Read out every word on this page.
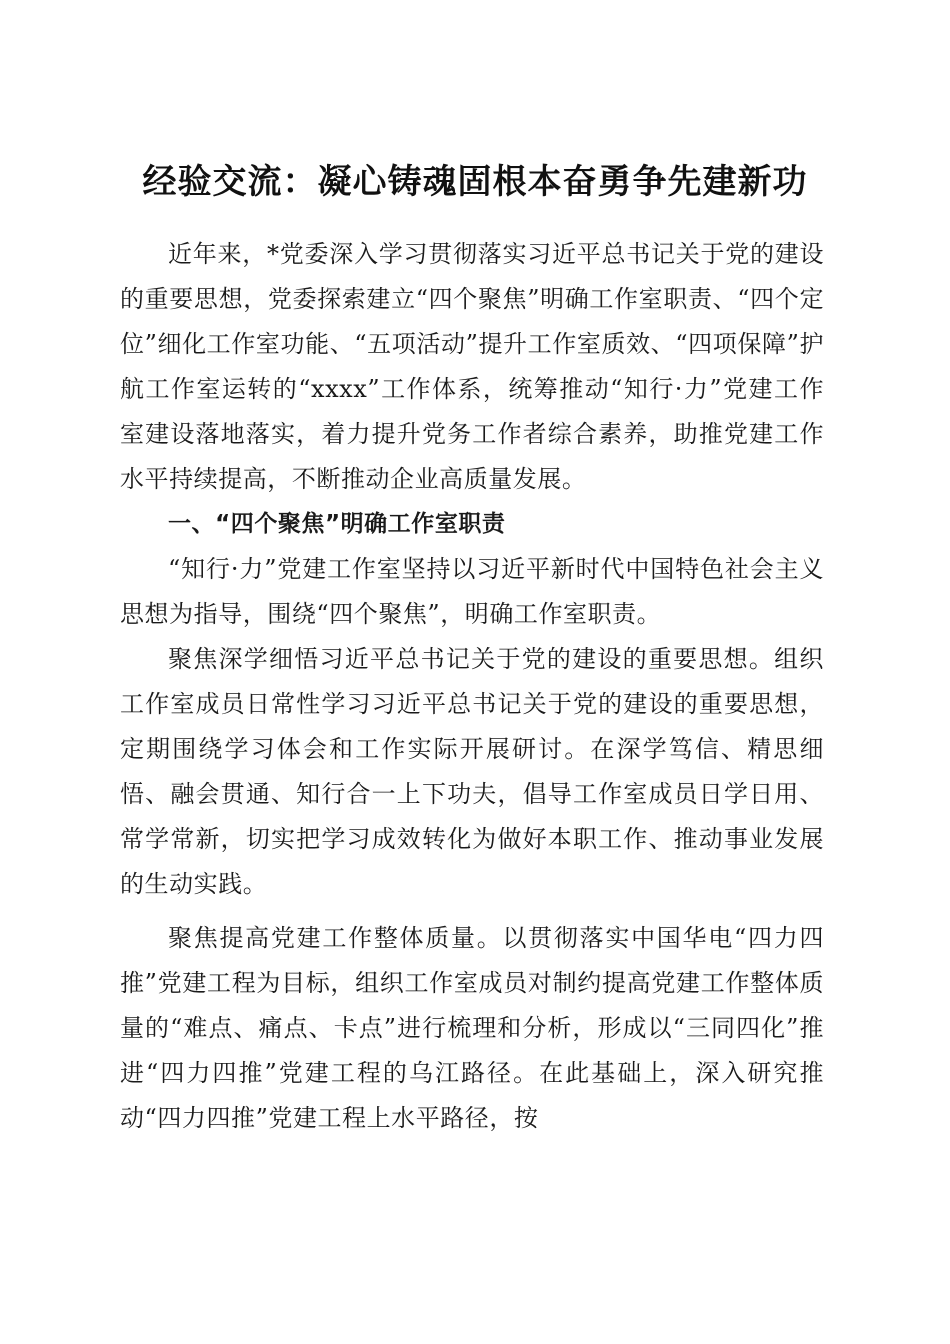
经验交流：凝心铸魂固根本奋勇争先建新功

近年来，*党委深入学习贯彻落实习近平总书记关于党的建设的重要思想，党委探索建立“四个聚焦”明确工作室职责、“四个定位”细化工作室功能、“五项活动”提升工作室质效、“四项保障”护航工作室运转的“xxxx”工作体系，统筹推动“知行·力”党建工作室建设落地落实，着力提升党务工作者综合素养，助推党建工作水平持续提高，不断推动企业高质量发展。

一、“四个聚焦”明确工作室职责

“知行·力”党建工作室坚持以习近平新时代中国特色社会主义思想为指导，围绕“四个聚焦”，明确工作室职责。

聚焦深学细悟习近平总书记关于党的建设的重要思想。组织工作室成员日常性学习习近平总书记关于党的建设的重要思想，定期围绕学习体会和工作实际开展研讨。在深学笃信、精思细悟、融会贯通、知行合一上下功夫，倡导工作室成员日学日用、常学常新，切实把学习成效转化为做好本职工作、推动事业发展的生动实践。

聚焦提高党建工作整体质量。以贯彻落实中国华电“四力四推”党建工程为目标，组织工作室成员对制约提高党建工作整体质量的“难点、痛点、卡点”进行梳理和分析，形成以“三同四化”推进“四力四推”党建工程的乌江路径。在此基础上，深入研究推动“四力四推”党建工程上水平路径，按
